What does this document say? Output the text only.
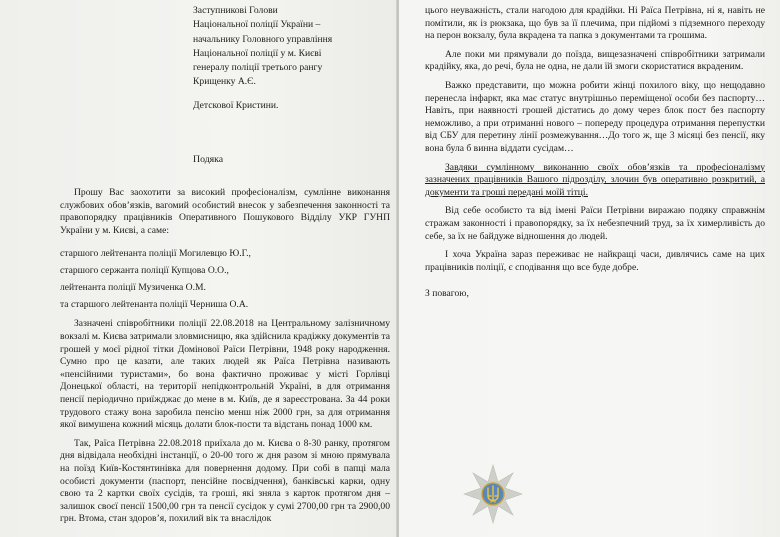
Заступникові Голови

Національної поліції України –

начальнику Головного управління

Національної поліції у м. Києві

генералу поліції третього рангу

Крищенку А.Є.

Детскової Кристини.

Подяка

Прошу Вас заохотити за високий професіоналізм, сумлінне виконання службових обов’язків, вагомий особистий внесок у забезпечення законності та правопорядку працівників Оперативного Пошукового Відділу УКР ГУНП України у м. Києві, а саме:

старшого лейтенанта поліції Могилевцю Ю.Г.,

старшого сержанта поліції Купцова О.О.,

лейтенанта поліції Музиченка О.М.

та старшого лейтенанта поліції Черниша О.А.

Зазначені співробітники поліції 22.08.2018 на Центральному залізничному вокзалі м. Києва затримали зловмисницю, яка здійснила крадіжку документів та грошей у моєї рідної тітки Домінової Раїси Петрівни, 1948 року народження. Сумно про це казати, але таких людей як Раїса Петрівна називають «пенсійними туристами», бо вона фактично проживає у місті Горлівці Донецької області, на території непідконтрольній Україні, в для отримання пенсії періодично приїжджає до мене в м. Київ, де я зареєстрована. За 44 роки трудового стажу вона заробила пенсію менш ніж 2000 грн, за для отримання якої вимушена кожний місяць долати блок-пости та відстань понад 1000 км.

Так, Раїса Петрівна 22.08.2018 приїхала до м. Києва о 8-30 ранку, протягом дня відвідала необхідні інстанції, о 20-00 того ж дня разом зі мною прямувала на поїзд Київ-Костянтинівка для повернення додому. При собі в папці мала особисті документи (паспорт, пенсійне посвідчення), банківські карки, одну свою та 2 картки своїх сусідів, та гроші, які зняла з карток протягом дня – залишок своєї пенсії 1500,00 грн та пенсії сусідок у сумі 2700,00 грн та 2900,00 грн. Втома, стан здоров’я, похилий вік та внаслідок

цього неуважність, стали нагодою для крадійки. Ні Раїса Петрівна, ні я, навіть не помітили, як із рюкзака, що був за її плечима, при підйомі з підземного переходу на перон вокзалу, була вкрадена та папка з документами та грошима.

Але поки ми прямували до поїзда, вищезазначені співробітники затримали крадійку, яка, до речі, була не одна, не дали їй змоги скористатися вкраденим.

Важко представити, що можна робити жінці похилого віку, що нещодавно перенесла інфаркт, яка має статус внутрішньо переміщеної особи без паспорту… Навіть, при наявності грошей дістатись до дому через блок пост без паспорту неможливо, а при отриманні нового – попереду процедура отримання перепустки від СБУ для перетину лінії розмежування…До того ж, ще 3 місяці без пенсії, яку вона була б винна віддати сусідам…

Завдяки сумлінному виконанню своїх обов’язків та професіоналізму зазначених працівників Вашого підрозділу, злочин був оперативно розкритий, а документи та гроші передані моїй тітці.

Від себе особисто та від імені Раїси Петрівни виражаю подяку справжнім стражам законності і правопорядку, за їх небезпечний труд, за їх химерливість до себе, за їх не байдуже відношення до людей.

І хоча Україна зараз переживає не найкращі часи, дивлячись саме на цих працівників поліції, є сподівання що все буде добре.

З повагою,
